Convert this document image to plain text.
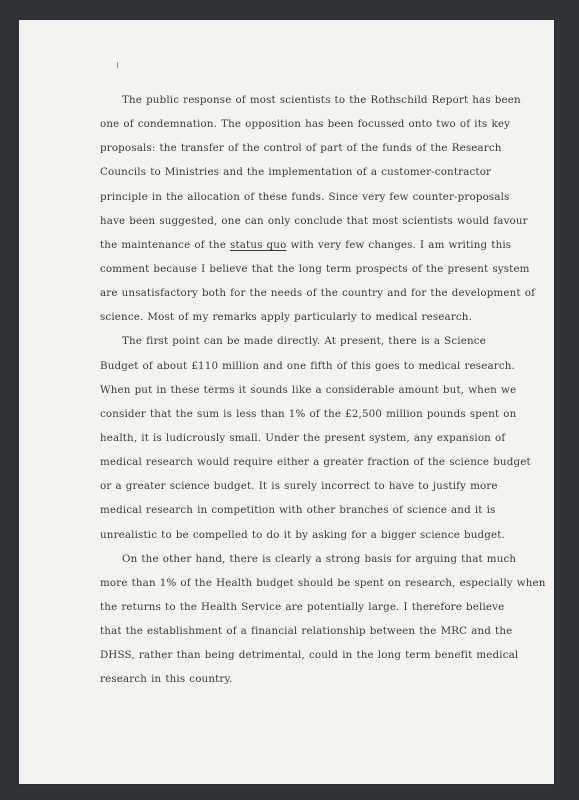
The public response of most scientists to the Rothschild Report has been
one of condemnation. The opposition has been focussed onto two of its key
proposals: the transfer of the control of part of the funds of the Research
Councils to Ministries and the implementation of a customer-contractor
principle in the allocation of these funds. Since very few counter-proposals
have been suggested, one can only conclude that most scientists would favour
the maintenance of the status quo with very few changes. I am writing this
comment because I believe that the long term prospects of the present system
are unsatisfactory both for the needs of the country and for the development of
science. Most of my remarks apply particularly to medical research.
The first point can be made directly. At present, there is a Science
Budget of about £110 million and one fifth of this goes to medical research.
When put in these terms it sounds like a considerable amount but, when we
consider that the sum is less than 1% of the £2,500 million pounds spent on
health, it is ludicrously small. Under the present system, any expansion of
medical research would require either a greater fraction of the science budget
or a greater science budget. It is surely incorrect to have to justify more
medical research in competition with other branches of science and it is
unrealistic to be compelled to do it by asking for a bigger science budget.
On the other hand, there is clearly a strong basis for arguing that much
more than 1% of the Health budget should be spent on research, especially when
the returns to the Health Service are potentially large. I therefore believe
that the establishment of a financial relationship between the MRC and the
DHSS, rather than being detrimental, could in the long term benefit medical
research in this country.
